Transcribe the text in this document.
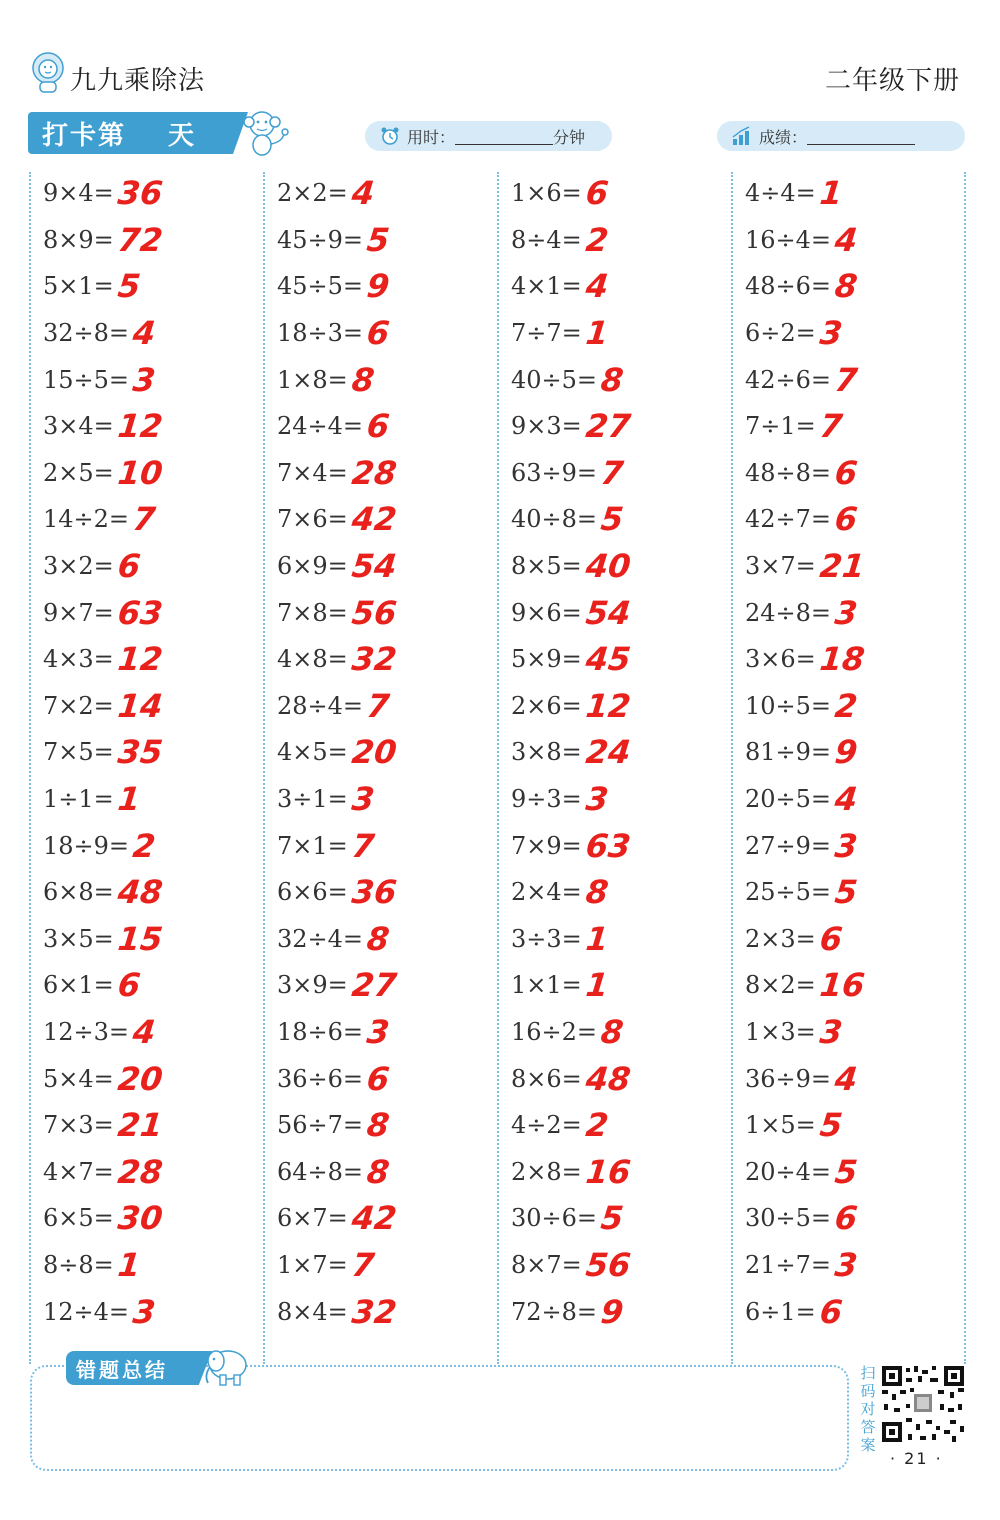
九九乘除法	二年级下册
打卡第 天	用时：	分钟	成绩：
9×4= 36
8×9= 72
5×1= 5
32÷8= 4
15÷5= 3
3×4= 12
2×5= 10
14÷2= 7
3×2= 6
9×7= 63
4×3= 12
7×2= 14
7×5= 35
1÷1= 1
18÷9= 2
6×8= 48
3×5= 15
6×1= 6
12÷3= 4
5×4= 20
7×3= 21
4×7= 28
6×5= 30
8÷8= 1
12÷4= 3
2×2= 4
45÷9= 5
45÷5= 9
18÷3= 6
1×8= 8
24÷4= 6
7×4= 28
7×6= 42
6×9= 54
7×8= 56
4×8= 32
28÷4= 7
4×5= 20
3÷1= 3
7×1= 7
6×6= 36
32÷4= 8
3×9= 27
18÷6= 3
36÷6= 6
56÷7= 8
64÷8= 8
6×7= 42
1×7= 7
8×4= 32
1×6= 6
8÷4= 2
4×1= 4
7÷7= 1
40÷5= 8
9×3= 27
63÷9= 7
40÷8= 5
8×5= 40
9×6= 54
5×9= 45
2×6= 12
3×8= 24
9÷3= 3
7×9= 63
2×4= 8
3÷3= 1
1×1= 1
16÷2= 8
8×6= 48
4÷2= 2
2×8= 16
30÷6= 5
8×7= 56
72÷8= 9
4÷4= 1
16÷4= 4
48÷6= 8
6÷2= 3
42÷6= 7
7÷1= 7
48÷8= 6
42÷7= 6
3×7= 21
24÷8= 3
3×6= 18
10÷5= 2
81÷9= 9
20÷5= 4
27÷9= 3
25÷5= 5
2×3= 6
8×2= 16
1×3= 3
36÷9= 4
1×5= 5
20÷4= 5
30÷5= 6
21÷7= 3
6÷1= 6
错题总结	扫码对答案
· 21 ·
